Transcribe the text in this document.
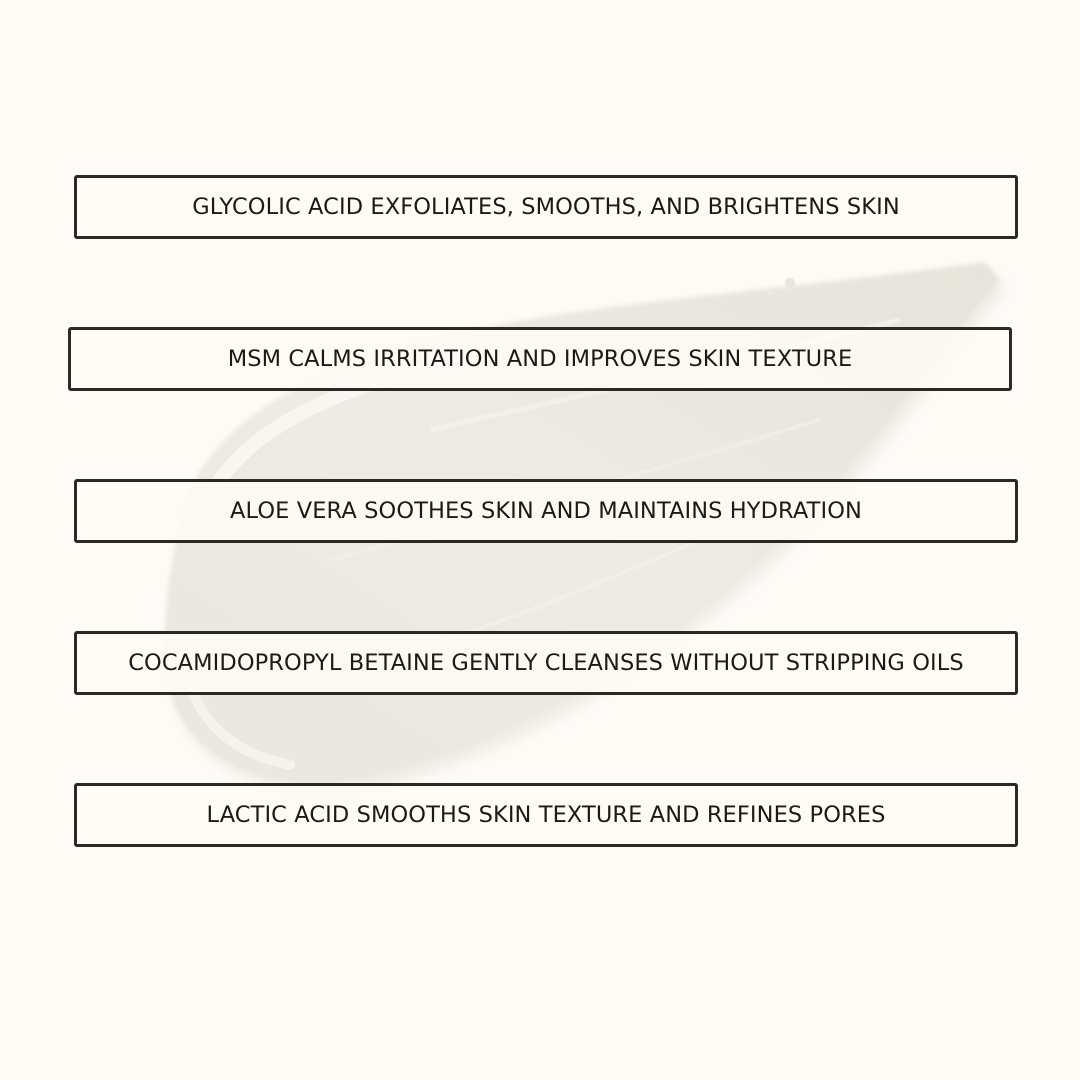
GLYCOLIC ACID EXFOLIATES, SMOOTHS, AND BRIGHTENS SKIN
MSM CALMS IRRITATION AND IMPROVES SKIN TEXTURE
ALOE VERA SOOTHES SKIN AND MAINTAINS HYDRATION
COCAMIDOPROPYL BETAINE GENTLY CLEANSES WITHOUT STRIPPING OILS
LACTIC ACID SMOOTHS SKIN TEXTURE AND REFINES PORES
